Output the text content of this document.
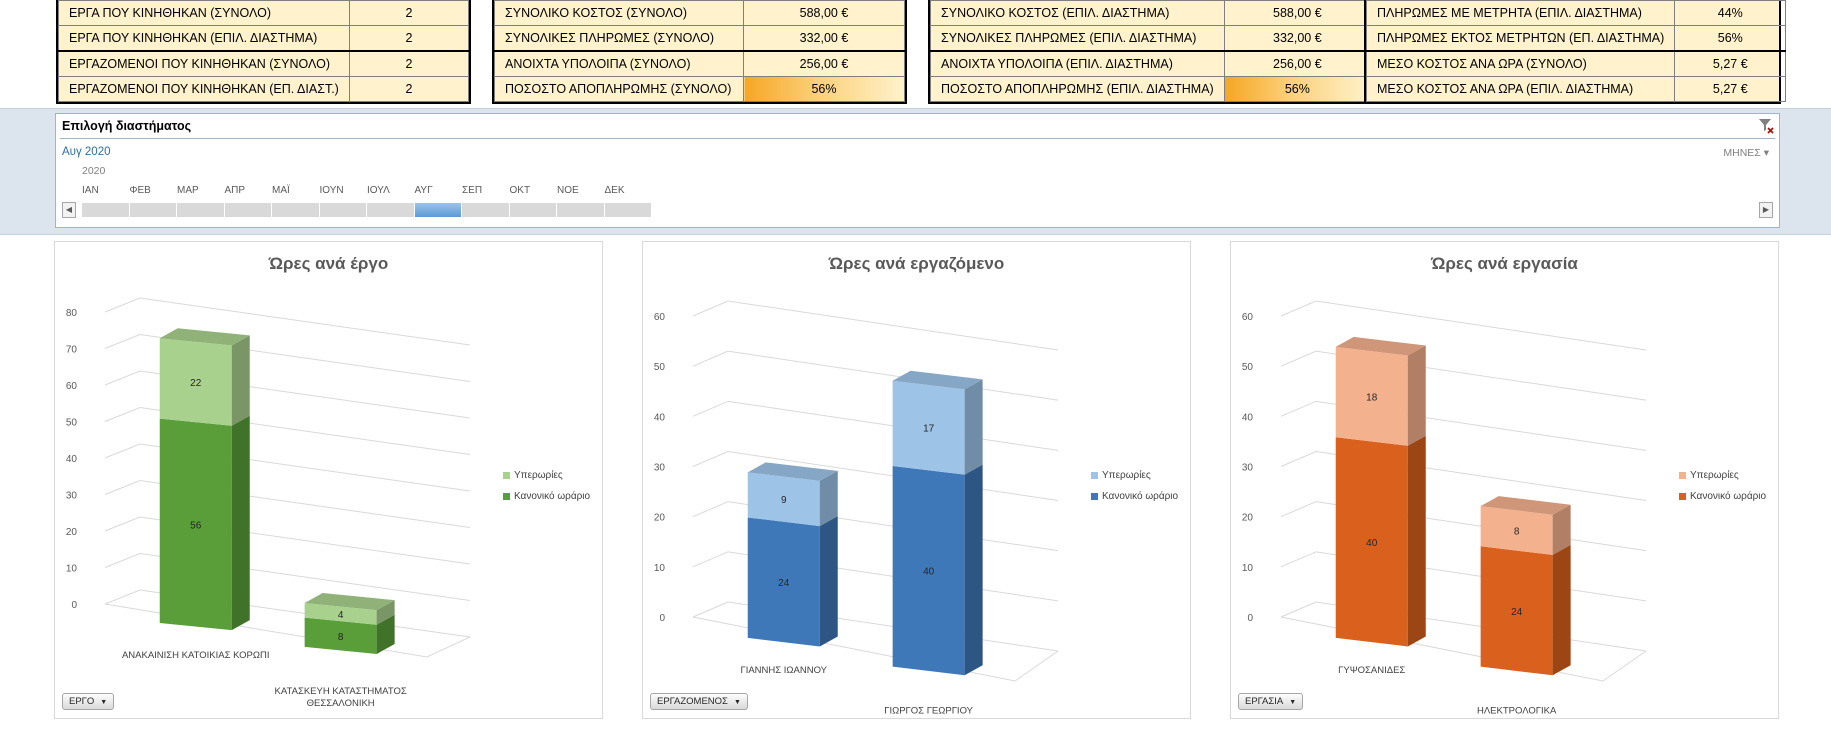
ΕΡΓΑ ΠΟΥ ΚΙΝΗΘΗΚΑΝ (ΣΥΝΟΛΟ)	2
ΕΡΓΑ ΠΟΥ ΚΙΝΗΘΗΚΑΝ (ΕΠΙΛ. ΔΙΑΣΤΗΜΑ)	2
ΕΡΓΑΖΟΜΕΝΟΙ ΠΟΥ ΚΙΝΗΘΗΚΑΝ (ΣΥΝΟΛΟ)	2
ΕΡΓΑΖΟΜΕΝΟΙ ΠΟΥ ΚΙΝΗΘΗΚΑΝ (ΕΠ. ΔΙΑΣΤ.)	2
ΣΥΝΟΛΙΚΟ ΚΟΣΤΟΣ (ΣΥΝΟΛΟ)	588,00 €
ΣΥΝΟΛΙΚΕΣ ΠΛΗΡΩΜΕΣ (ΣΥΝΟΛΟ)	332,00 €
ΑΝΟΙΧΤΑ ΥΠΟΛΟΙΠΑ (ΣΥΝΟΛΟ)	256,00 €
ΠΟΣΟΣΤΟ ΑΠΟΠΛΗΡΩΜΗΣ (ΣΥΝΟΛΟ)	56%
ΣΥΝΟΛΙΚΟ ΚΟΣΤΟΣ (ΕΠΙΛ. ΔΙΑΣΤΗΜΑ)	588,00 €
ΣΥΝΟΛΙΚΕΣ ΠΛΗΡΩΜΕΣ (ΕΠΙΛ. ΔΙΑΣΤΗΜΑ)	332,00 €
ΑΝΟΙΧΤΑ ΥΠΟΛΟΙΠΑ (ΕΠΙΛ. ΔΙΑΣΤΗΜΑ)	256,00 €
ΠΟΣΟΣΤΟ ΑΠΟΠΛΗΡΩΜΗΣ (ΕΠΙΛ. ΔΙΑΣΤΗΜΑ)	56%
ΠΛΗΡΩΜΕΣ ΜΕ ΜΕΤΡΗΤΑ (ΕΠΙΛ. ΔΙΑΣΤΗΜΑ)	44%
ΠΛΗΡΩΜΕΣ ΕΚΤΟΣ ΜΕΤΡΗΤΩΝ (ΕΠ. ΔΙΑΣΤΗΜΑ)	56%
ΜΕΣΟ ΚΟΣΤΟΣ ΑΝΑ ΩΡΑ (ΣΥΝΟΛΟ)	5,27 €
ΜΕΣΟ ΚΟΣΤΟΣ ΑΝΑ ΩΡΑ (ΕΠΙΛ. ΔΙΑΣΤΗΜΑ)	5,27 €
Επιλογή διαστήματος
Αυγ 2020	ΜΗΝΕΣ ▾
2020
ΙΑΝ	ΦΕΒ	ΜΑΡ	ΑΠΡ	ΜΑΪ	ΙΟΥΝ	ΙΟΥΛ	ΑΥΓ	ΣΕΠ	ΟΚΤ	ΝΟΕ	ΔΕΚ
◀	▶
Ώρες ανά έργο
0
10
20
30
40
50
60
70
80
56
22
ΑΝΑΚΑΙΝΙΣΗ ΚΑΤΟΙΚΙΑΣ ΚΟΡΩΠΙ
8
4
ΚΑΤΑΣΚΕΥΗ ΚΑΤΑΣΤΗΜΑΤΟΣ
ΘΕΣΣΑΛΟΝΙΚΗ
Υπερωρίες
Κανονικό ωράριο
ΕΡΓΟ ▼
Ώρες ανά εργαζόμενο
0
10
20
30
40
50
60
24
9
ΓΙΑΝΝΗΣ ΙΩΑΝΝΟΥ
40
17
ΓΙΩΡΓΟΣ ΓΕΩΡΓΙΟΥ
Υπερωρίες
Κανονικό ωράριο
ΕΡΓΑΖΟΜΕΝΟΣ ▼
Ώρες ανά εργασία
0
10
20
30
40
50
60
40
18
ΓΥΨΟΣΑΝΙΔΕΣ
24
8
ΗΛΕΚΤΡΟΛΟΓΙΚΑ
Υπερωρίες
Κανονικό ωράριο
ΕΡΓΑΣΙΑ ▼
